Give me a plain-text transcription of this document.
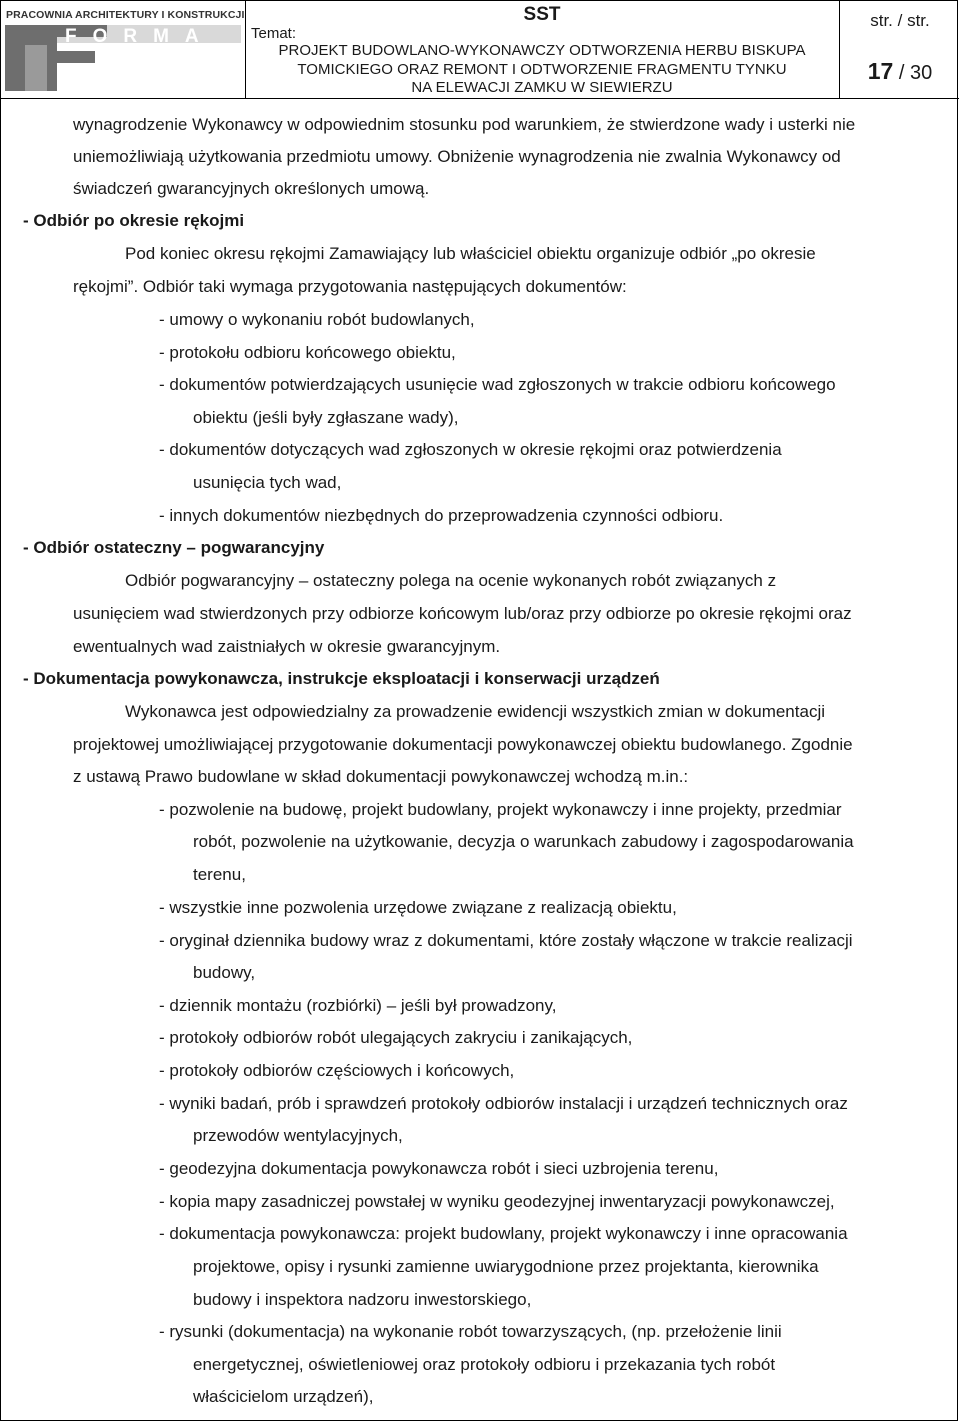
PRACOWNIA ARCHITEKTURY I KONSTRUKCJI
FORMA
SST
Temat:
PROJEKT BUDOWLANO-WYKONAWCZY ODTWORZENIA HERBU BISKUPA
TOMICKIEGO ORAZ REMONT I ODTWORZENIE FRAGMENTU TYNKU
NA ELEWACJI ZAMKU W SIEWIERZU
str. / str.
17 / 30
wynagrodzenie Wykonawcy w odpowiednim stosunku pod warunkiem, że stwierdzone wady i usterki nie
uniemożliwiają użytkowania przedmiotu umowy. Obniżenie wynagrodzenia nie zwalnia Wykonawcy od
świadczeń gwarancyjnych określonych umową.
- Odbiór po okresie rękojmi
Pod koniec okresu rękojmi Zamawiający lub właściciel obiektu organizuje odbiór „po okresie
rękojmi”. Odbiór taki wymaga przygotowania następujących dokumentów:
- umowy o wykonaniu robót budowlanych,
- protokołu odbioru końcowego obiektu,
- dokumentów potwierdzających usunięcie wad zgłoszonych w trakcie odbioru końcowego
obiektu (jeśli były zgłaszane wady),
- dokumentów dotyczących wad zgłoszonych w okresie rękojmi oraz potwierdzenia
usunięcia tych wad,
- innych dokumentów niezbędnych do przeprowadzenia czynności odbioru.
- Odbiór ostateczny – pogwarancyjny
Odbiór pogwarancyjny – ostateczny polega na ocenie wykonanych robót związanych z
usunięciem wad stwierdzonych przy odbiorze końcowym lub/oraz przy odbiorze po okresie rękojmi oraz
ewentualnych wad zaistniałych w okresie gwarancyjnym.
- Dokumentacja powykonawcza, instrukcje eksploatacji i konserwacji urządzeń
Wykonawca jest odpowiedzialny za prowadzenie ewidencji wszystkich zmian w dokumentacji
projektowej umożliwiającej przygotowanie dokumentacji powykonawczej obiektu budowlanego. Zgodnie
z ustawą Prawo budowlane w skład dokumentacji powykonawczej wchodzą m.in.:
- pozwolenie na budowę, projekt budowlany, projekt wykonawczy i inne projekty, przedmiar
robót, pozwolenie na użytkowanie, decyzja o warunkach zabudowy i zagospodarowania
terenu,
- wszystkie inne pozwolenia urzędowe związane z realizacją obiektu,
- oryginał dziennika budowy wraz z dokumentami, które zostały włączone w trakcie realizacji
budowy,
- dziennik montażu (rozbiórki) – jeśli był prowadzony,
- protokoły odbiorów robót ulegających zakryciu i zanikających,
- protokoły odbiorów częściowych i końcowych,
- wyniki badań, prób i sprawdzeń protokoły odbiorów instalacji i urządzeń technicznych oraz
przewodów wentylacyjnych,
- geodezyjna dokumentacja powykonawcza robót i sieci uzbrojenia terenu,
- kopia mapy zasadniczej powstałej w wyniku geodezyjnej inwentaryzacji powykonawczej,
- dokumentacja powykonawcza: projekt budowlany, projekt wykonawczy i inne opracowania
projektowe, opisy i rysunki zamienne uwiarygodnione przez projektanta, kierownika
budowy i inspektora nadzoru inwestorskiego,
- rysunki (dokumentacja) na wykonanie robót towarzyszących, (np. przełożenie linii
energetycznej, oświetleniowej oraz protokoły odbioru i przekazania tych robót
właścicielom urządzeń),
